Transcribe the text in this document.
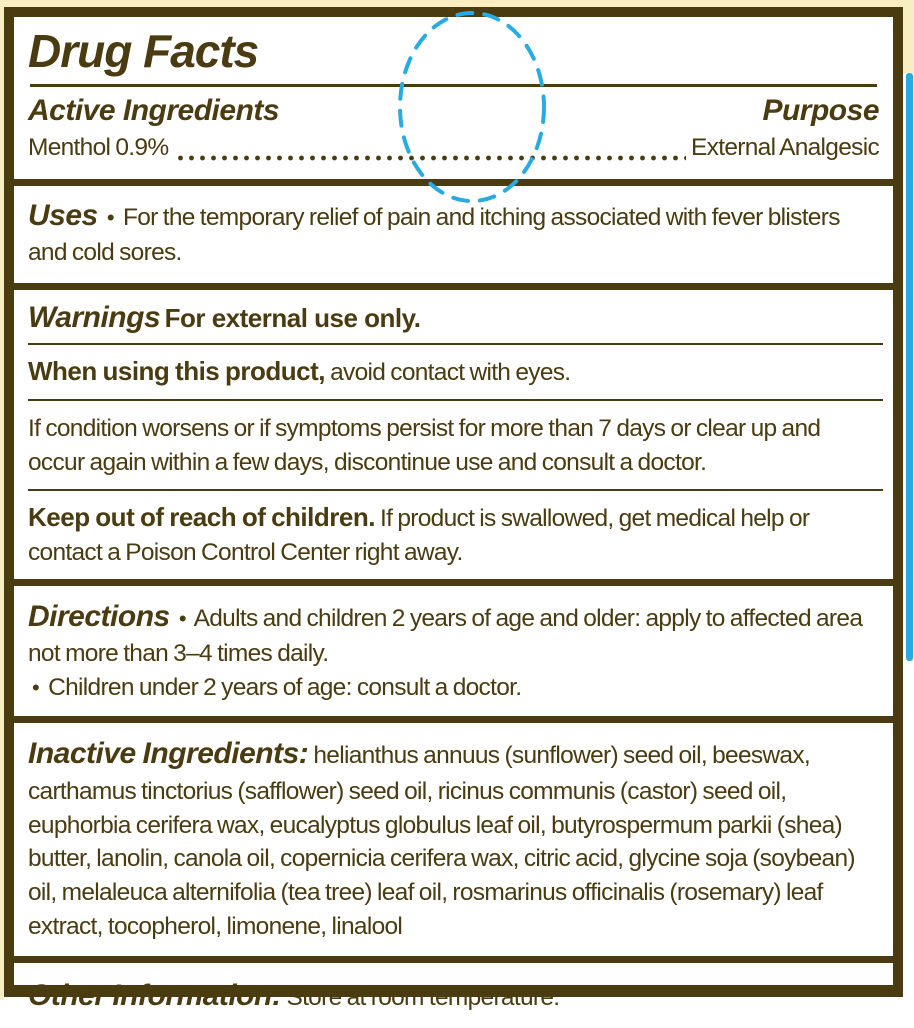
Drug Facts
Active Ingredients	Purpose
Menthol 0.9%	External Analgesic
Uses • For the temporary relief of pain and itching associated with fever blisters and cold sores.
Warnings For external use only.
When using this product, avoid contact with eyes.
If condition worsens or if symptoms persist for more than 7 days or clear up and occur again within a few days, discontinue use and consult a doctor.
Keep out of reach of children. If product is swallowed, get medical help or contact a Poison Control Center right away.
Directions • Adults and children 2 years of age and older: apply to affected area not more than 3–4 times daily.
• Children under 2 years of age: consult a doctor.
Inactive Ingredients: helianthus annuus (sunflower) seed oil, beeswax, carthamus tinctorius (safflower) seed oil, ricinus communis (castor) seed oil, euphorbia cerifera wax, eucalyptus globulus leaf oil, butyrospermum parkii (shea) butter, lanolin, canola oil, copernicia cerifera wax, citric acid, glycine soja (soybean) oil, melaleuca alternifolia (tea tree) leaf oil, rosmarinus officinalis (rosemary) leaf extract, tocopherol, limonene, linalool
Other Information: Store at room temperature.
